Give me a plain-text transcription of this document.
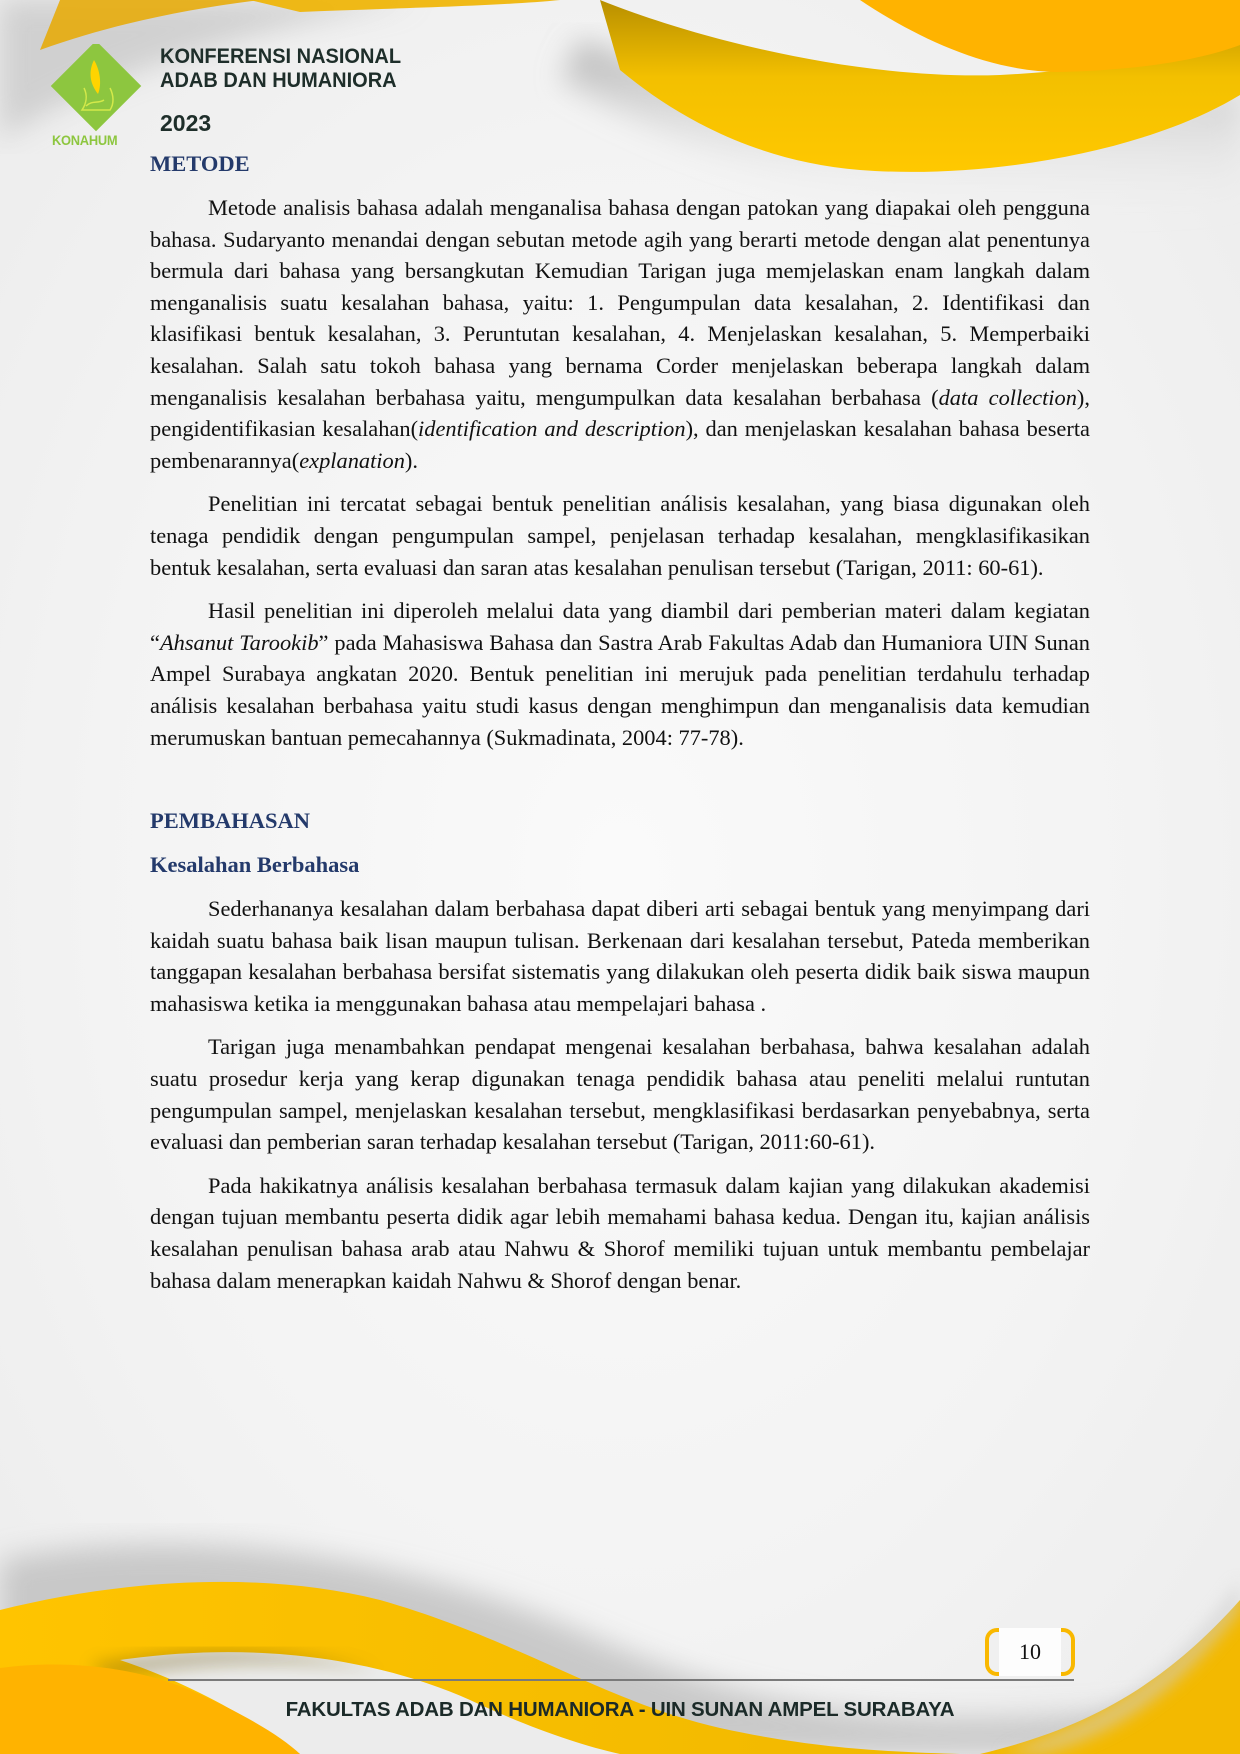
KONAHUM
KONFERENSI NASIONAL
ADAB DAN HUMANIORA
2023
METODE

Metode analisis bahasa adalah menganalisa bahasa dengan patokan yang diapakai oleh pengguna bahasa. Sudaryanto menandai dengan sebutan metode agih yang berarti metode dengan alat penentunya bermula dari bahasa yang bersangkutan Kemudian Tarigan juga memjelaskan enam langkah dalam menganalisis suatu kesalahan bahasa, yaitu: 1. Pengumpulan data kesalahan, 2. Identifikasi dan klasifikasi bentuk kesalahan, 3. Peruntutan kesalahan, 4. Menjelaskan kesalahan, 5. Memperbaiki kesalahan. Salah satu tokoh bahasa yang bernama Corder menjelaskan beberapa langkah dalam menganalisis kesalahan berbahasa yaitu, mengumpulkan data kesalahan berbahasa (data collection), pengidentifikasian kesalahan(identification and description), dan menjelaskan kesalahan bahasa beserta pembenarannya(explanation).

Penelitian ini tercatat sebagai bentuk penelitian análisis kesalahan, yang biasa digunakan oleh tenaga pendidik dengan pengumpulan sampel, penjelasan terhadap kesalahan, mengklasifikasikan bentuk kesalahan, serta evaluasi dan saran atas kesalahan penulisan tersebut (Tarigan, 2011: 60-61).

Hasil penelitian ini diperoleh melalui data yang diambil dari pemberian materi dalam kegiatan “Ahsanut Tarookib” pada Mahasiswa Bahasa dan Sastra Arab Fakultas Adab dan Humaniora UIN Sunan Ampel Surabaya angkatan 2020. Bentuk penelitian ini merujuk pada penelitian terdahulu terhadap análisis kesalahan berbahasa yaitu studi kasus dengan menghimpun dan menganalisis data kemudian merumuskan bantuan pemecahannya (Sukmadinata, 2004: 77-78).

PEMBAHASAN
Kesalahan Berbahasa

Sederhananya kesalahan dalam berbahasa dapat diberi arti sebagai bentuk yang menyimpang dari kaidah suatu bahasa baik lisan maupun tulisan. Berkenaan dari kesalahan tersebut, Pateda memberikan tanggapan kesalahan berbahasa bersifat sistematis yang dilakukan oleh peserta didik baik siswa maupun mahasiswa ketika ia menggunakan bahasa atau mempelajari bahasa .

Tarigan juga menambahkan pendapat mengenai kesalahan berbahasa, bahwa kesalahan adalah suatu prosedur kerja yang kerap digunakan tenaga pendidik bahasa atau peneliti melalui runtutan pengumpulan sampel, menjelaskan kesalahan tersebut, mengklasifikasi berdasarkan penyebabnya, serta evaluasi dan pemberian saran terhadap kesalahan tersebut (Tarigan, 2011:60-61).

Pada hakikatnya análisis kesalahan berbahasa termasuk dalam kajian yang dilakukan akademisi dengan tujuan membantu peserta didik agar lebih memahami bahasa kedua. Dengan itu, kajian análisis kesalahan penulisan bahasa arab atau Nahwu & Shorof memiliki tujuan untuk membantu pembelajar bahasa dalam menerapkan kaidah Nahwu & Shorof dengan benar.

10
FAKULTAS ADAB DAN HUMANIORA - UIN SUNAN AMPEL SURABAYA
